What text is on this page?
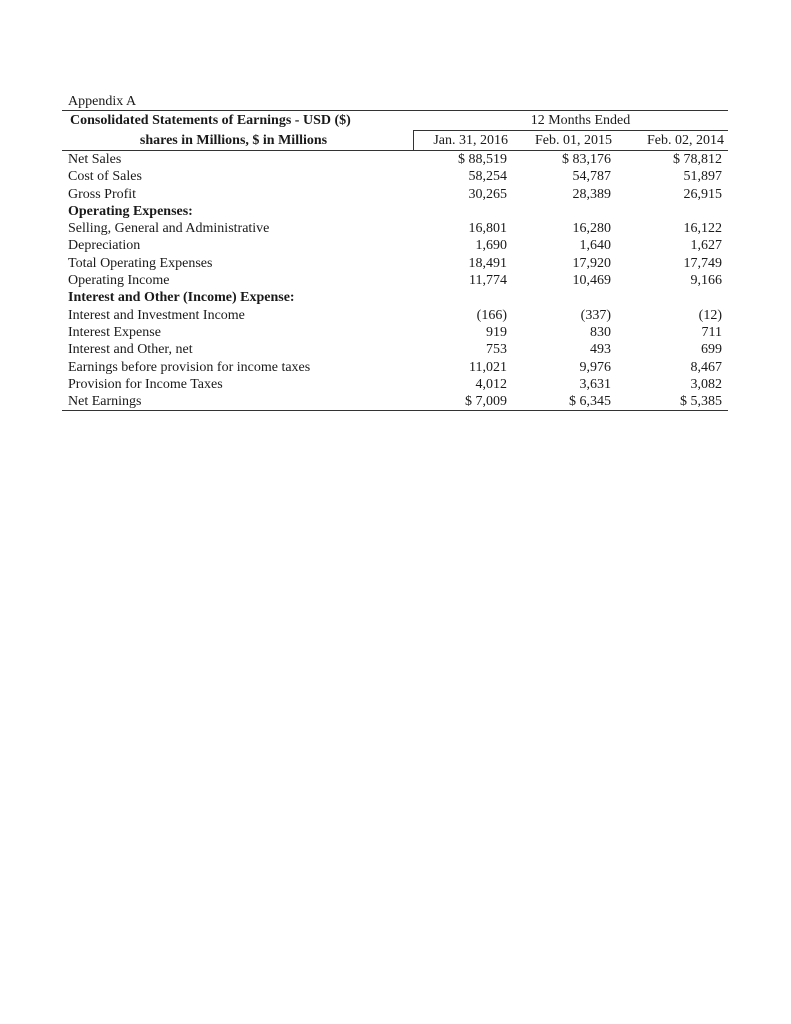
Appendix A
Consolidated Statements of Earnings - USD ($)	12 Months Ended
shares in Millions, $ in Millions	Jan. 31, 2016	Feb. 01, 2015	Feb. 02, 2014
Net Sales	$ 88,519	$ 83,176	$ 78,812
Cost of Sales	58,254	54,787	51,897
Gross Profit	30,265	28,389	26,915
Operating Expenses:
Selling, General and Administrative	16,801	16,280	16,122
Depreciation	1,690	1,640	1,627
Total Operating Expenses	18,491	17,920	17,749
Operating Income	11,774	10,469	9,166
Interest and Other (Income) Expense:
Interest and Investment Income	(166)	(337)	(12)
Interest Expense	919	830	711
Interest and Other, net	753	493	699
Earnings before provision for income taxes	11,021	9,976	8,467
Provision for Income Taxes	4,012	3,631	3,082
Net Earnings	$ 7,009	$ 6,345	$ 5,385
